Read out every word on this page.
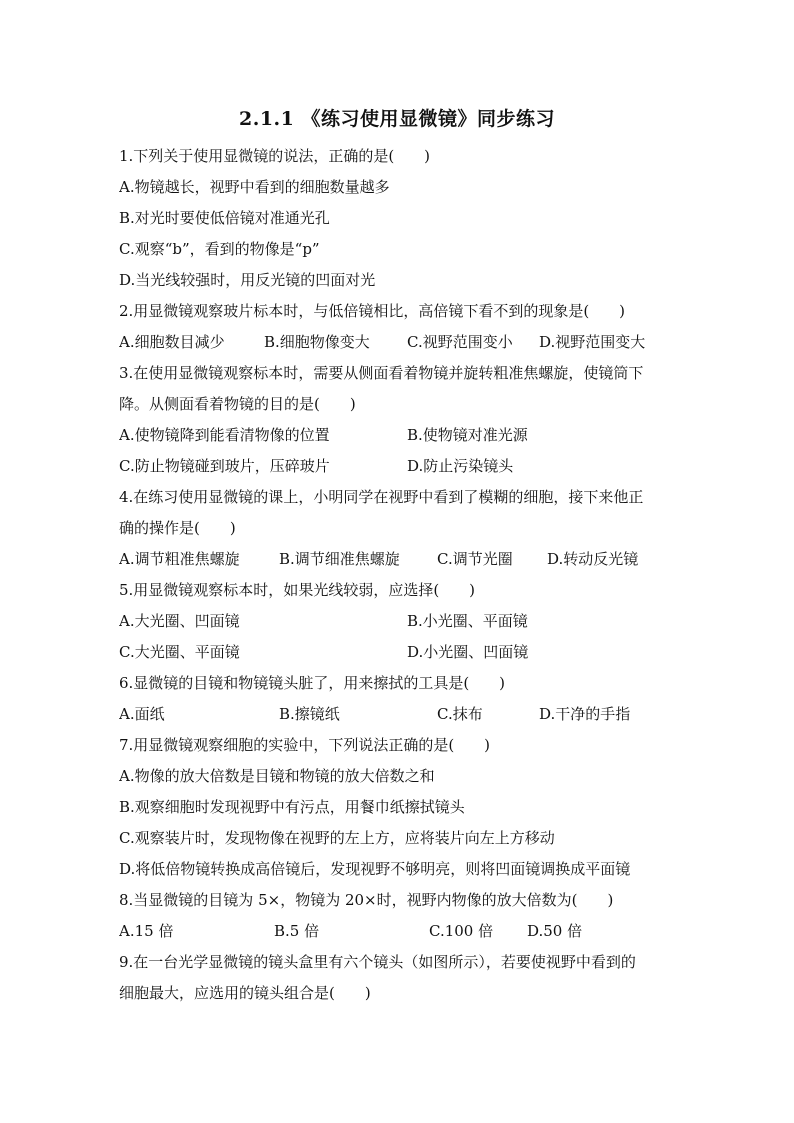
2.1.1 《练习使用显微镜》同步练习
1.下列关于使用显微镜的说法，正确的是(　　)
A.物镜越长，视野中看到的细胞数量越多
B.对光时要使低倍镜对准通光孔
C.观察“b”，看到的物像是“p”
D.当光线较强时，用反光镜的凹面对光
2.用显微镜观察玻片标本时，与低倍镜相比，高倍镜下看不到的现象是(　　)
A.细胞数目减少	B.细胞物像变大 C.视野范围变小 D.视野范围变大
3.在使用显微镜观察标本时，需要从侧面看着物镜并旋转粗准焦螺旋，使镜筒下
降。从侧面看着物镜的目的是(　　)
A.使物镜降到能看清物像的位置	B.使物镜对准光源
C.防止物镜碰到玻片，压碎玻片	D.防止污染镜头
4.在练习使用显微镜的课上，小明同学在视野中看到了模糊的细胞，接下来他正
确的操作是(　　)
A.调节粗准焦螺旋	B.调节细准焦螺旋 C.调节光圈 D.转动反光镜
5.用显微镜观察标本时，如果光线较弱，应选择(　　)
A.大光圈、凹面镜	B.小光圈、平面镜
C.大光圈、平面镜	D.小光圈、凹面镜
6.显微镜的目镜和物镜镜头脏了，用来擦拭的工具是(　　)
A.面纸	B.擦镜纸	C.抹布	D.干净的手指
7.用显微镜观察细胞的实验中，下列说法正确的是(　　)
A.物像的放大倍数是目镜和物镜的放大倍数之和
B.观察细胞时发现视野中有污点，用餐巾纸擦拭镜头
C.观察装片时，发现物像在视野的左上方，应将装片向左上方移动
D.将低倍物镜转换成高倍镜后，发现视野不够明亮，则将凹面镜调换成平面镜
8.当显微镜的目镜为 5×，物镜为 20×时，视野内物像的放大倍数为(　　)
A.15 倍	B.5 倍	C.100 倍 D.50 倍
9.在一台光学显微镜的镜头盒里有六个镜头（如图所示），若要使视野中看到的
细胞最大，应选用的镜头组合是(　　)
